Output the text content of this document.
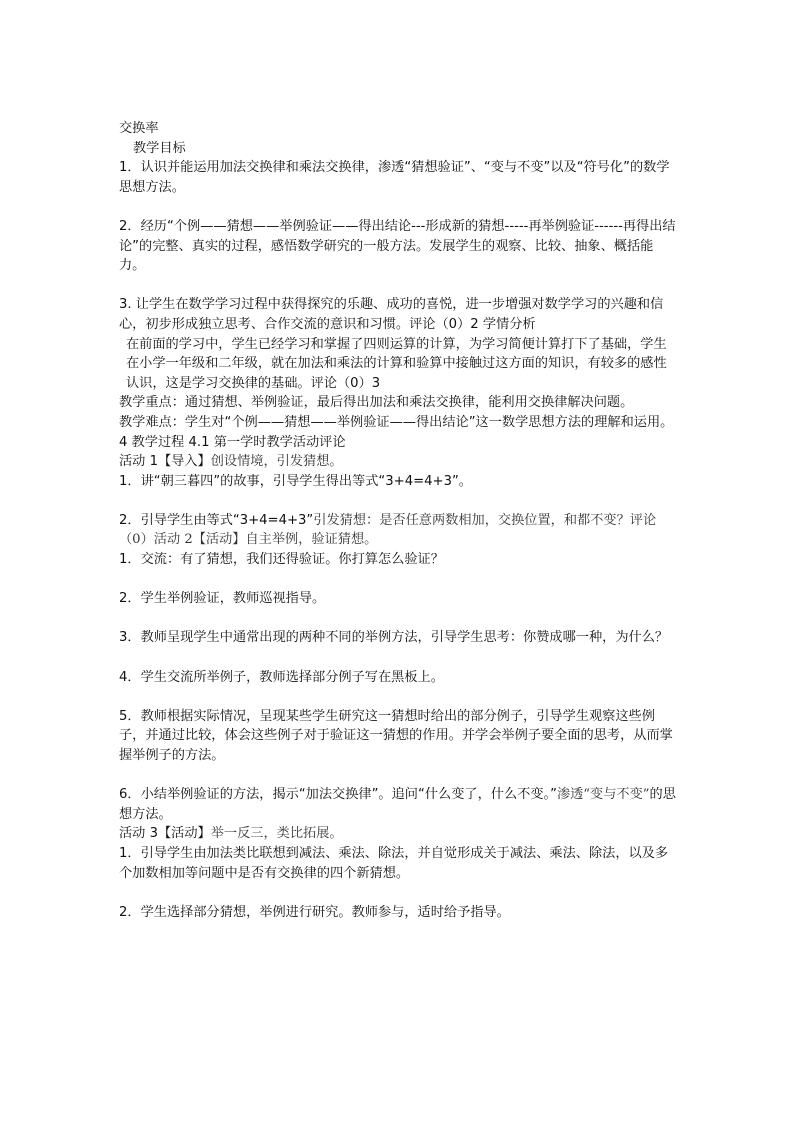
交换率

教学目标

1．认识并能运用加法交换律和乘法交换律，渗透“猜想验证”、“变与不变”以及“符号化”的数学思想方法。

2．经历“个例——猜想——举例验证——得出结论---形成新的猜想-----再举例验证------再得出结论”的完整、真实的过程，感悟数学研究的一般方法。发展学生的观察、比较、抽象、概括能力。

3. 让学生在数学学习过程中获得探究的乐趣、成功的喜悦，进一步增强对数学学习的兴趣和信心，初步形成独立思考、合作交流的意识和习惯。评论（0）2 学情分析

在前面的学习中，学生已经学习和掌握了四则运算的计算，为学习简便计算打下了基础，学生在小学一年级和二年级，就在加法和乘法的计算和验算中接触过这方面的知识，有较多的感性认识，这是学习交换律的基础。评论（0）3

教学重点：通过猜想、举例验证，最后得出加法和乘法交换律，能利用交换律解决问题。

教学难点：学生对“个例——猜想——举例验证——得出结论”这一数学思想方法的理解和运用。

4 教学过程 4.1 第一学时教学活动评论

活动 1【导入】创设情境，引发猜想。

1．讲“朝三暮四”的故事，引导学生得出等式“3+4=4+3”。

2．引导学生由等式“3+4=4+3”引发猜想：是否任意两数相加，交换位置，和都不变？评论（0）活动 2【活动】自主举例，验证猜想。

1．交流：有了猜想，我们还得验证。你打算怎么验证？

2．学生举例验证，教师巡视指导。

3．教师呈现学生中通常出现的两种不同的举例方法，引导学生思考：你赞成哪一种，为什么？

4．学生交流所举例子，教师选择部分例子写在黑板上。

5．教师根据实际情况，呈现某些学生研究这一猜想时给出的部分例子，引导学生观察这些例子，并通过比较，体会这些例子对于验证这一猜想的作用。并学会举例子要全面的思考，从而掌握举例子的方法。

6．小结举例验证的方法，揭示“加法交换律”。追问“什么变了，什么不变。”渗透“变与不变”的思想方法。

活动 3【活动】举一反三，类比拓展。

1．引导学生由加法类比联想到减法、乘法、除法，并自觉形成关于减法、乘法、除法，以及多个加数相加等问题中是否有交换律的四个新猜想。

2．学生选择部分猜想，举例进行研究。教师参与，适时给予指导。
